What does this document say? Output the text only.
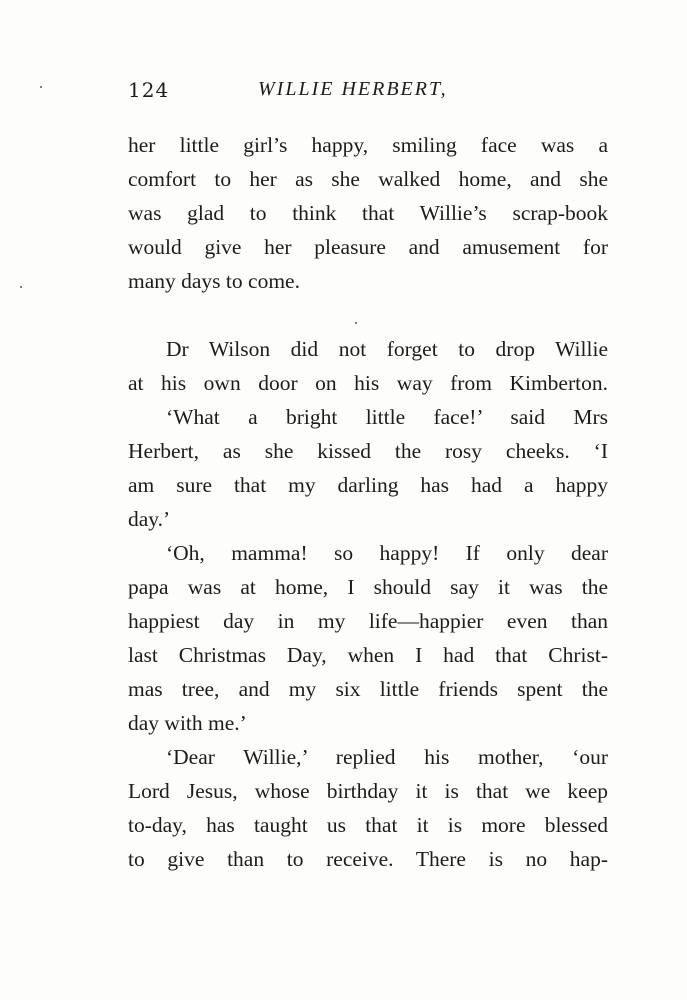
124	WILLIE HERBERT,
her little girl’s happy, smiling face was a
comfort to her as she walked home, and she
was glad to think that Willie’s scrap-book
would give her pleasure and amusement for
many days to come.
Dr Wilson did not forget to drop Willie
at his own door on his way from Kimberton.
‘What a bright little face!’ said Mrs
Herbert, as she kissed the rosy cheeks. ‘I
am sure that my darling has had a happy
day.’
‘Oh, mamma! so happy! If only dear
papa was at home, I should say it was the
happiest day in my life—happier even than
last Christmas Day, when I had that Christ-
mas tree, and my six little friends spent the
day with me.’
‘Dear Willie,’ replied his mother, ‘our
Lord Jesus, whose birthday it is that we keep
to-day, has taught us that it is more blessed
to give than to receive. There is no hap-
